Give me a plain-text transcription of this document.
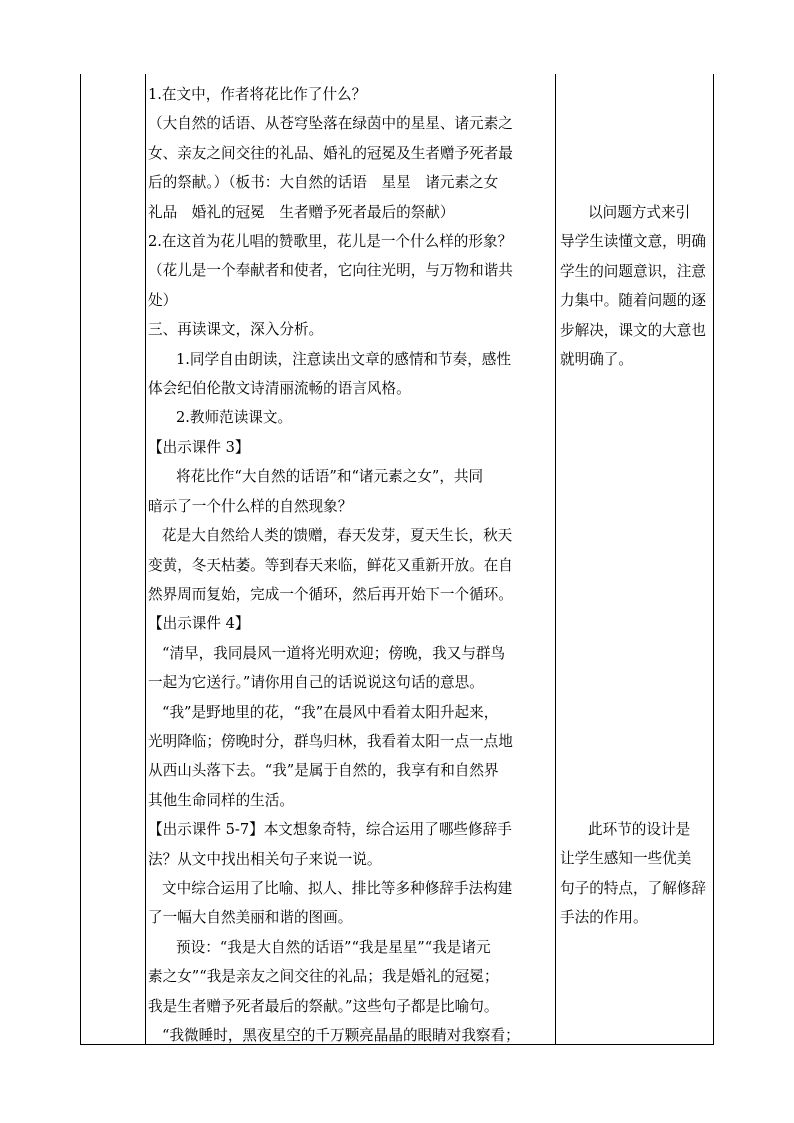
1.在文中，作者将花比作了什么？

（大自然的话语、从苍穹坠落在绿茵中的星星、诸元素之

女、亲友之间交往的礼品、婚礼的冠冕及生者赠予死者最

后的祭献。）（板书：大自然的话语　星星　诸元素之女

礼品　婚礼的冠冕　生者赠予死者最后的祭献）

2.在这首为花儿唱的赞歌里，花儿是一个什么样的形象？

（花儿是一个奉献者和使者，它向往光明，与万物和谐共

处）

三、再读课文，深入分析。

1.同学自由朗读，注意读出文章的感情和节奏，感性

体会纪伯伦散文诗清丽流畅的语言风格。

2.教师范读课文。

【出示课件 3】

将花比作“大自然的话语”和“诸元素之女”，共同

暗示了一个什么样的自然现象？

花是大自然给人类的馈赠，春天发芽，夏天生长，秋天

变黄，冬天枯萎。等到春天来临，鲜花又重新开放。在自

然界周而复始，完成一个循环，然后再开始下一个循环。

【出示课件 4】

“清早，我同晨风一道将光明欢迎；傍晚，我又与群鸟

一起为它送行。”请你用自己的话说说这句话的意思。

“我”是野地里的花，“我”在晨风中看着太阳升起来，

光明降临；傍晚时分，群鸟归林，我看着太阳一点一点地

从西山头落下去。“我”是属于自然的，我享有和自然界

其他生命同样的生活。

【出示课件 5-7】本文想象奇特，综合运用了哪些修辞手

法？从文中找出相关句子来说一说。

文中综合运用了比喻、拟人、排比等多种修辞手法构建

了一幅大自然美丽和谐的图画。

预设：“我是大自然的话语”“我是星星”“我是诸元

素之女”“我是亲友之间交往的礼品；我是婚礼的冠冕；

我是生者赠予死者最后的祭献。”这些句子都是比喻句。

“我微睡时，黑夜星空的千万颗亮晶晶的眼睛对我察看；

以问题方式来引

导学生读懂文意，明确

学生的问题意识，注意

力集中。随着问题的逐

步解决，课文的大意也

就明确了。

此环节的设计是

让学生感知一些优美

句子的特点，了解修辞

手法的作用。
